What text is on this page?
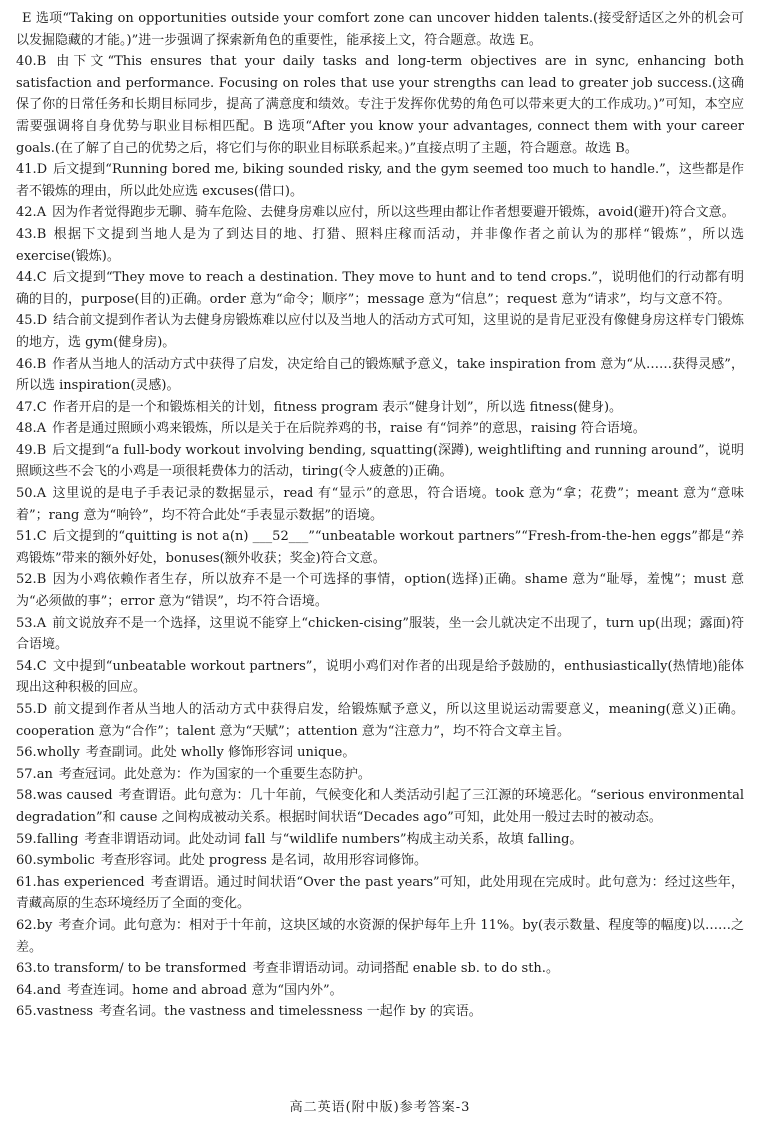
E 选项“Taking on opportunities outside your comfort zone can uncover hidden talents.(接受舒适区之外的机会可以发掘隐藏的才能。)”进一步强调了探索新角色的重要性，能承接上文，符合题意。故选 E。

40.B 由下文“This ensures that your daily tasks and long-term objectives are in sync, enhancing both satisfaction and performance. Focusing on roles that use your strengths can lead to greater job success.(这确保了你的日常任务和长期目标同步，提高了满意度和绩效。专注于发挥你优势的角色可以带来更大的工作成功。)”可知，本空应需要强调将自身优势与职业目标相匹配。B 选项“After you know your advantages, connect them with your career goals.(在了解了自己的优势之后，将它们与你的职业目标联系起来。)”直接点明了主题，符合题意。故选 B。

41.D 后文提到“Running bored me, biking sounded risky, and the gym seemed too much to handle.”，这些都是作者不锻炼的理由，所以此处应选 excuses(借口)。

42.A 因为作者觉得跑步无聊、骑车危险、去健身房难以应付，所以这些理由都让作者想要避开锻炼，avoid(避开)符合文意。

43.B 根据下文提到当地人是为了到达目的地、打猎、照料庄稼而活动，并非像作者之前认为的那样“锻炼”，所以选 exercise(锻炼)。

44.C 后文提到“They move to reach a destination. They move to hunt and to tend crops.”，说明他们的行动都有明确的目的，purpose(目的)正确。order 意为“命令；顺序”；message 意为“信息”；request 意为“请求”，均与文意不符。

45.D 结合前文提到作者认为去健身房锻炼难以应付以及当地人的活动方式可知，这里说的是肯尼亚没有像健身房这样专门锻炼的地方，选 gym(健身房)。

46.B 作者从当地人的活动方式中获得了启发，决定给自己的锻炼赋予意义，take inspiration from 意为“从……获得灵感”，所以选 inspiration(灵感)。

47.C 作者开启的是一个和锻炼相关的计划，fitness program 表示“健身计划”，所以选 fitness(健身)。

48.A 作者是通过照顾小鸡来锻炼，所以是关于在后院养鸡的书，raise 有“饲养”的意思，raising 符合语境。

49.B 后文提到“a full-body workout involving bending, squatting(深蹲), weightlifting and running around”，说明照顾这些不会飞的小鸡是一项很耗费体力的活动，tiring(令人疲惫的)正确。

50.A 这里说的是电子手表记录的数据显示，read 有“显示”的意思，符合语境。took 意为“拿；花费”；meant 意为“意味着”；rang 意为“响铃”，均不符合此处“手表显示数据”的语境。

51.C 后文提到的“quitting is not a(n) ___52___”“unbeatable workout partners”“Fresh-from-the-hen eggs”都是“养鸡锻炼”带来的额外好处，bonuses(额外收获；奖金)符合文意。

52.B 因为小鸡依赖作者生存，所以放弃不是一个可选择的事情，option(选择)正确。shame 意为“耻辱，羞愧”；must 意为“必须做的事”；error 意为“错误”，均不符合语境。

53.A 前文说放弃不是一个选择，这里说不能穿上“chicken-cising”服装，坐一会儿就决定不出现了，turn up(出现；露面)符合语境。

54.C 文中提到“unbeatable workout partners”，说明小鸡们对作者的出现是给予鼓励的，enthusiastically(热情地)能体现出这种积极的回应。

55.D 前文提到作者从当地人的活动方式中获得启发，给锻炼赋予意义，所以这里说运动需要意义，meaning(意义)正确。cooperation 意为“合作”；talent 意为“天赋”；attention 意为“注意力”，均不符合文章主旨。

56.wholly 考查副词。此处 wholly 修饰形容词 unique。

57.an 考查冠词。此处意为：作为国家的一个重要生态防护。

58.was caused 考查谓语。此句意为：几十年前，气候变化和人类活动引起了三江源的环境恶化。“serious environmental degradation”和 cause 之间构成被动关系。根据时间状语“Decades ago”可知，此处用一般过去时的被动态。

59.falling 考查非谓语动词。此处动词 fall 与“wildlife numbers”构成主动关系，故填 falling。

60.symbolic 考查形容词。此处 progress 是名词，故用形容词修饰。

61.has experienced 考查谓语。通过时间状语“Over the past years”可知，此处用现在完成时。此句意为：经过这些年，青藏高原的生态环境经历了全面的变化。

62.by 考查介词。此句意为：相对于十年前，这块区域的水资源的保护每年上升 11%。by(表示数量、程度等的幅度)以……之差。

63.to transform/ to be transformed 考查非谓语动词。动词搭配 enable sb. to do sth.。

64.and 考查连词。home and abroad 意为“国内外”。

65.vastness 考查名词。the vastness and timelessness 一起作 by 的宾语。

高二英语(附中版)参考答案-3
